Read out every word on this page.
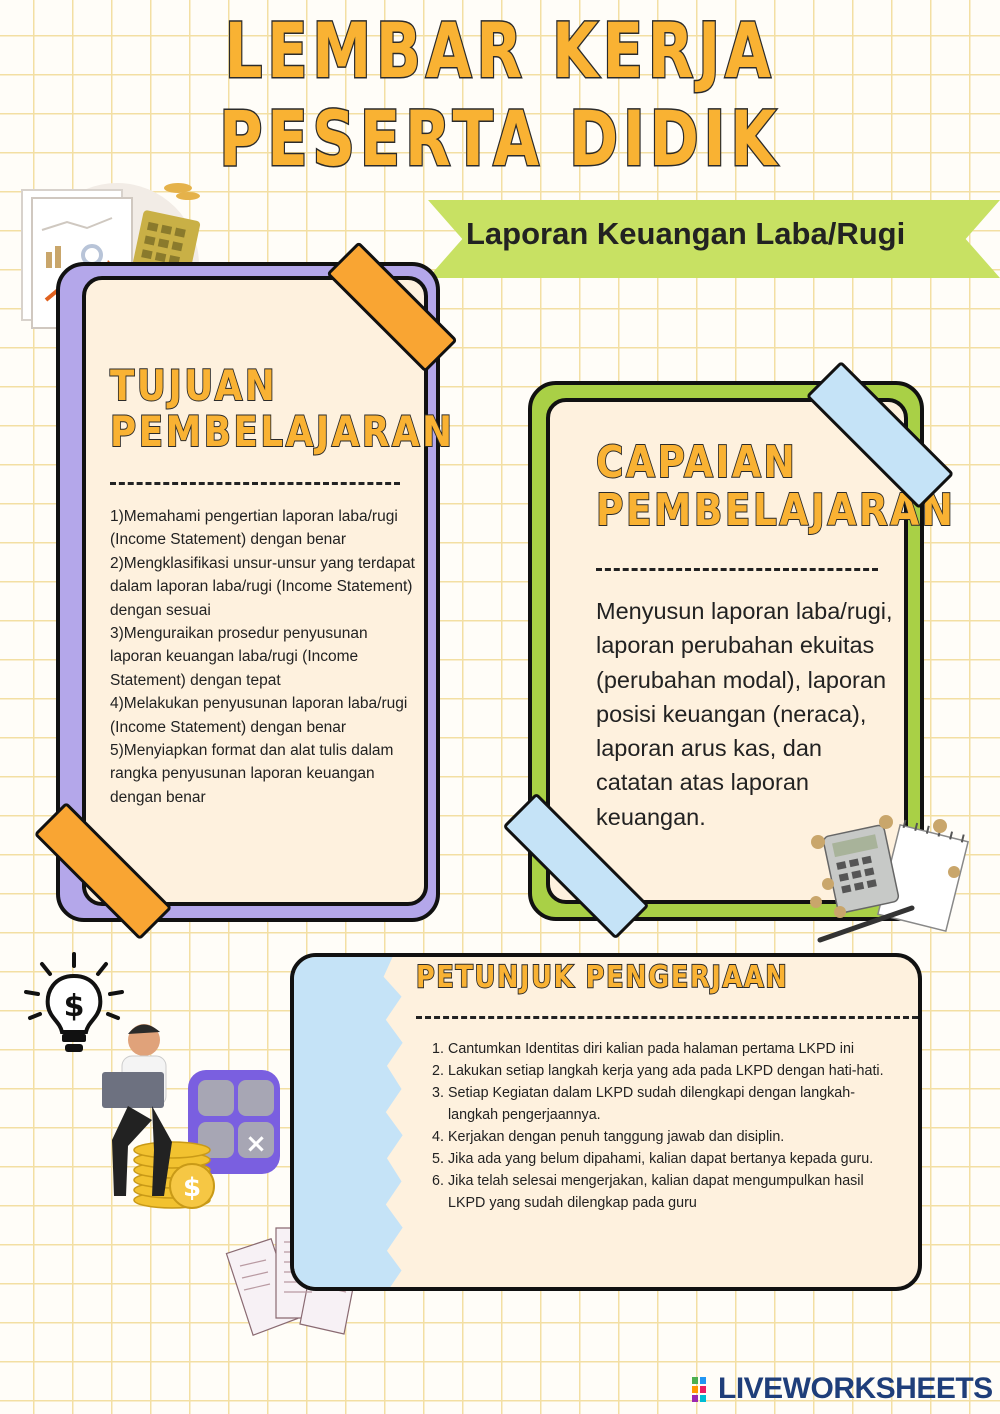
LEMBAR KERJA
PESERTA DIDIK
Laporan Keuangan Laba/Rugi
TUJUAN
PEMBELAJARAN
1)Memahami pengertian laporan laba/rugi (Income Statement) dengan benar
2)Mengklasifikasi unsur-unsur yang terdapat dalam laporan laba/rugi (Income Statement) dengan sesuai
3)Menguraikan prosedur penyusunan laporan keuangan laba/rugi (Income Statement) dengan tepat
4)Melakukan penyusunan laporan laba/rugi (Income Statement) dengan benar
5)Menyiapkan format dan alat tulis dalam rangka penyusunan laporan keuangan dengan benar
CAPAIAN
PEMBELAJARAN
Menyusun laporan laba/rugi, laporan perubahan ekuitas (perubahan modal), laporan posisi keuangan (neraca), laporan arus kas, dan catatan atas laporan keuangan.
$
×
$
PETUNJUK PENGERJAAN
1. Cantumkan Identitas diri kalian pada halaman pertama LKPD ini
2. Lakukan setiap langkah kerja yang ada pada LKPD dengan hati-hati.
3. Setiap Kegiatan dalam LKPD sudah dilengkapi dengan langkah-langkah pengerjaannya.
4. Kerjakan dengan penuh tanggung jawab dan disiplin.
5. Jika ada yang belum dipahami, kalian dapat bertanya kepada guru.
6. Jika telah selesai mengerjakan, kalian dapat mengumpulkan hasil LKPD yang sudah dilengkap pada guru
LIVEWORKSHEETS
